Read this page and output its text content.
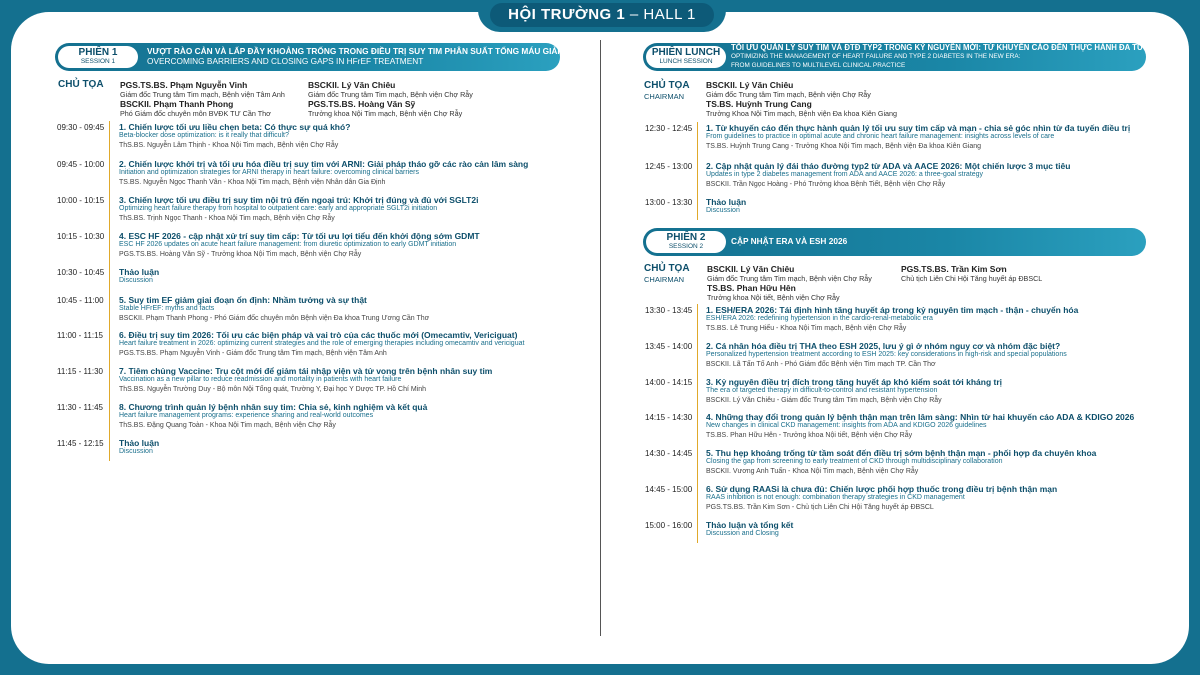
HỘI TRƯỜNG 1 – HALL 1
PHIÊN 1
SESSION 1
VƯỢT RÀO CẢN VÀ LẤP ĐẦY KHOẢNG TRỐNG TRONG ĐIỀU TRỊ SUY TIM PHÂN SUẤT TỐNG MÁU GIẢM (HFrEF)
OVERCOMING BARRIERS AND CLOSING GAPS IN HFrEF TREATMENT
CHỦ TỌA PGS.TS.BS. Phạm Nguyễn Vinh
Giám đốc Trung tâm Tim mạch, Bệnh viện Tâm Anh
BSCKII. Phạm Thanh Phong
Phó Giám đốc chuyên môn BVĐK TƯ Cần Thơ
BSCKII. Lý Văn Chiêu
Giám đốc Trung tâm Tim mạch, Bệnh viện Chợ Rẫy
PGS.TS.BS. Hoàng Văn Sỹ
Trưởng khoa Nội Tim mạch, Bệnh viện Chợ Rẫy
09:30 - 09:45 1. Chiến lược tối ưu liều chẹn beta: Có thực sự quá khó?
Beta-blocker dose optimization: is it really that difficult?
ThS.BS. Nguyễn Lâm Thịnh - Khoa Nội Tim mạch, Bệnh viện Chợ Rẫy
09:45 - 10:00 2. Chiến lược khởi trị và tối ưu hóa điều trị suy tim với ARNI: Giải pháp tháo gỡ các rào cản lâm sàng
Initiation and optimization strategies for ARNI therapy in heart failure: overcoming clinical barriers
TS.BS. Nguyễn Ngọc Thanh Vân - Khoa Nội Tim mạch, Bệnh viện Nhân dân Gia Định
10:00 - 10:15 3. Chiến lược tối ưu điều trị suy tim nội trú đến ngoại trú: Khởi trị đúng và đủ với SGLT2i
Optimizing heart failure therapy from hospital to outpatient care: early and appropriate SGLT2i initiation
ThS.BS. Trịnh Ngọc Thanh - Khoa Nội Tim mạch, Bệnh viện Chợ Rẫy
10:15 - 10:30 4. ESC HF 2026 - cập nhật xử trí suy tim cấp: Từ tối ưu lợi tiểu đến khởi động sớm GDMT
ESC HF 2026 updates on acute heart failure management: from diuretic optimization to early GDMT initiation
PGS.TS.BS. Hoàng Văn Sỹ - Trưởng khoa Nội Tim mạch, Bệnh viện Chợ Rẫy
10:30 - 10:45 Thảo luận
Discussion
10:45 - 11:00 5. Suy tim EF giảm giai đoạn ổn định: Nhầm tưởng và sự thật
Stable HFrEF: myths and facts
BSCKII. Phạm Thanh Phong - Phó Giám đốc chuyên môn Bệnh viện Đa khoa Trung Ương Cần Thơ
11:00 - 11:15 6. Điều trị suy tim 2026: Tối ưu các biện pháp và vai trò của các thuốc mới (Omecamtiv, Vericiguat)
Heart failure treatment in 2026: optimizing current strategies and the role of emerging therapies including omecamtiv and vericiguat
PGS.TS.BS. Phạm Nguyễn Vinh - Giám đốc Trung tâm Tim mạch, Bệnh viện Tâm Anh
11:15 - 11:30 7. Tiêm chủng Vaccine: Trụ cột mới để giảm tái nhập viện và tử vong trên bệnh nhân suy tim
Vaccination as a new pillar to reduce readmission and mortality in patients with heart failure
ThS.BS. Nguyễn Trường Duy - Bộ môn Nội Tổng quát, Trường Y, Đại học Y Dược TP. Hồ Chí Minh
11:30 - 11:45 8. Chương trình quản lý bệnh nhân suy tim: Chia sẻ, kinh nghiệm và kết quả
Heart failure management programs: experience sharing and real-world outcomes
ThS.BS. Đặng Quang Toàn - Khoa Nội Tim mạch, Bệnh viện Chợ Rẫy
11:45 - 12:15 Thảo luận
Discussion
PHIÊN LUNCH
LUNCH SESSION
TỐI ƯU QUẢN LÝ SUY TIM VÀ ĐTĐ TYP2 TRONG KỶ NGUYÊN MỚI: TỪ KHUYẾN CÁO ĐẾN THỰC HÀNH ĐA TUYẾN
OPTIMIZING THE MANAGEMENT OF HEART FAILURE AND TYPE 2 DIABETES IN THE NEW ERA:
FROM GUIDELINES TO MULTILEVEL CLINICAL PRACTICE
CHỦ TỌA
CHAIRMAN
BSCKII. Lý Văn Chiêu
Giám đốc Trung tâm Tim mạch, Bệnh viện Chợ Rẫy
TS.BS. Huỳnh Trung Cang
Trưởng Khoa Nội Tim mạch, Bệnh viện Đa khoa Kiên Giang
12:30 - 12:45 1. Từ khuyến cáo đến thực hành quản lý tối ưu suy tim cấp và mạn - chia sẻ góc nhìn từ đa tuyến điều trị
From guidelines to practice in optimal acute and chronic heart failure management: insights across levels of care
TS.BS. Huỳnh Trung Cang - Trưởng Khoa Nội Tim mạch, Bệnh viện Đa khoa Kiên Giang
12:45 - 13:00 2. Cập nhật quản lý đái tháo đường typ2 từ ADA và AACE 2026: Một chiến lược 3 mục tiêu
Updates in type 2 diabetes management from ADA and AACE 2026: a three-goal strategy
BSCKII. Trần Ngọc Hoàng - Phó Trưởng khoa Bệnh Tiết, Bệnh viện Chợ Rẫy
13:00 - 13:30 Thảo luận
Discussion
PHIÊN 2
SESSION 2
CẬP NHẬT ERA VÀ ESH 2026
CHỦ TỌA
CHAIRMAN
BSCKII. Lý Văn Chiêu
Giám đốc Trung tâm Tim mạch, Bệnh viện Chợ Rẫy
TS.BS. Phan Hữu Hên
Trưởng khoa Nội tiết, Bệnh viện Chợ Rẫy
PGS.TS.BS. Trần Kim Sơn
Chủ tịch Liên Chi Hội Tăng huyết áp ĐBSCL
13:30 - 13:45 1. ESH/ERA 2026: Tái định hình tăng huyết áp trong kỷ nguyên tim mạch - thận - chuyển hóa
ESH/ERA 2026: redefining hypertension in the cardio-renal-metabolic era
TS.BS. Lê Trung Hiếu - Khoa Nội Tim mạch, Bệnh viện Chợ Rẫy
13:45 - 14:00 2. Cá nhân hóa điều trị THA theo ESH 2025, lưu ý gì ở nhóm nguy cơ và nhóm đặc biệt?
Personalized hypertension treatment according to ESH 2025: key considerations in high-risk and special populations
BSCKII. Lã Tấn Tố Anh - Phó Giám đốc Bệnh viện Tim mạch TP. Cần Thơ
14:00 - 14:15 3. Kỷ nguyên điều trị đích trong tăng huyết áp khó kiểm soát tới kháng trị
The era of targeted therapy in difficult-to-control and resistant hypertension
BSCKII. Lý Văn Chiêu - Giám đốc Trung tâm Tim mạch, Bệnh viện Chợ Rẫy
14:15 - 14:30 4. Những thay đổi trong quản lý bệnh thận mạn trên lâm sàng: Nhìn từ hai khuyến cáo ADA & KDIGO 2026
New changes in clinical CKD management: insights from ADA and KDIGO 2026 guidelines
TS.BS. Phan Hữu Hên - Trưởng khoa Nội tiết, Bệnh viện Chợ Rẫy
14:30 - 14:45 5. Thu hẹp khoảng trống từ tầm soát đến điều trị sớm bệnh thận mạn - phối hợp đa chuyên khoa
Closing the gap from screening to early treatment of CKD through multidisciplinary collaboration
BSCKII. Vương Anh Tuấn - Khoa Nội Tim mạch, Bệnh viện Chợ Rẫy
14:45 - 15:00 6. Sử dụng RAASi là chưa đủ: Chiến lược phối hợp thuốc trong điều trị bệnh thận mạn
RAAS inhibition is not enough: combination therapy strategies in CKD management
PGS.TS.BS. Trần Kim Sơn - Chủ tịch Liên Chi Hội Tăng huyết áp ĐBSCL
15:00 - 16:00 Thảo luận và tổng kết
Discussion and Closing
